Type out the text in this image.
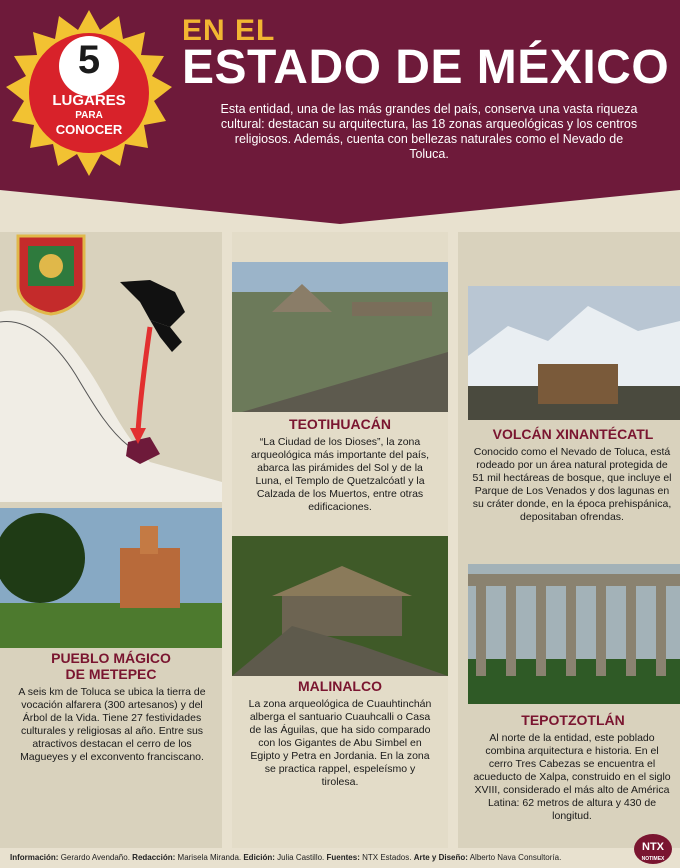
EN EL
ESTADO DE MÉXICO
Esta entidad, una de las más grandes del país, conserva una vasta riqueza cultural: destacan su arquitectura, las 18 zonas arqueológicas y los centros religiosos. Además, cuenta con bellezas naturales como el Nevado de Toluca.
5
LUGARES
PARA
CONOCER
PUEBLO MÁGICO
DE METEPEC
A seis km de Toluca se ubica la tierra de vocación alfarera (300 artesanos) y del Árbol de la Vida. Tiene 27 festividades culturales y religiosas al año. Entre sus atractivos destacan el cerro de los Magueyes y el exconvento franciscano.
TEOTIHUACÁN
“La Ciudad de los Dioses”, la zona arqueológica más importante del país, abarca las pirámides del Sol y de la Luna, el Templo de Quetzalcóatl y la Calzada de los Muertos, entre otras edificaciones.
MALINALCO
La zona arqueológica de Cuauhtinchán alberga el santuario Cuauhcalli o Casa de las Águilas, que ha sido comparado con los Gigantes de Abu Simbel en Egipto y Petra en Jordania. En la zona se practica rappel, espeleísmo y tirolesa.
VOLCÁN XINANTÉCATL
Conocido como el Nevado de Toluca, está rodeado por un área natural protegida de 51 mil hectáreas de bosque, que incluye el Parque de Los Venados y dos lagunas en su cráter donde, en la época prehispánica, depositaban ofrendas.
TEPOTZOTLÁN
Al norte de la entidad, este poblado combina arquitectura e historia. En el cerro Tres Cabezas se encuentra el acueducto de Xalpa, construido en el siglo XVIII, considerado el más alto de América Latina: 62 metros de altura y 430 de longitud.
Información: Gerardo Avendaño. Redacción: Marisela Miranda. Edición: Julia Castillo. Fuentes: NTX Estados. Arte y Diseño: Alberto Nava Consultoría.
NTX
NOTIMEX
